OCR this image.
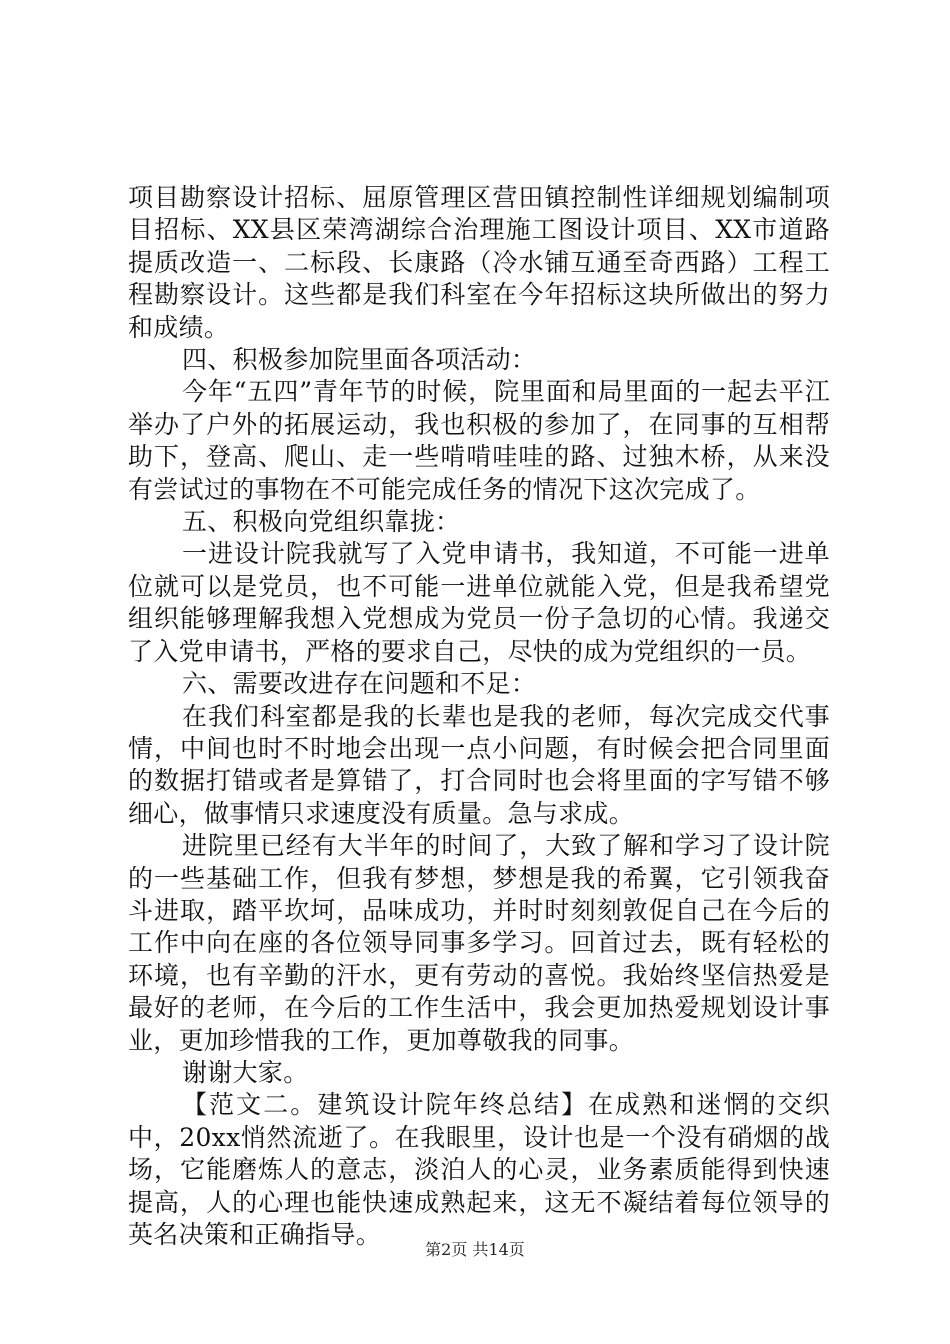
项目勘察设计招标、屈原管理区营田镇控制性详细规划编制项目招标、XX县区荣湾湖综合治理施工图设计项目、XX市道路提质改造一、二标段、长康路（冷水铺互通至奇西路）工程工程勘察设计。这些都是我们科室在今年招标这块所做出的努力和成绩。

四、积极参加院里面各项活动：

今年“五四”青年节的时候，院里面和局里面的一起去平江举办了户外的拓展运动，我也积极的参加了，在同事的互相帮助下，登高、爬山、走一些啃啃哇哇的路、过独木桥，从来没有尝试过的事物在不可能完成任务的情况下这次完成了。

五、积极向党组织靠拢：

一进设计院我就写了入党申请书，我知道，不可能一进单位就可以是党员，也不可能一进单位就能入党，但是我希望党组织能够理解我想入党想成为党员一份子急切的心情。我递交了入党申请书，严格的要求自己，尽快的成为党组织的一员。

六、需要改进存在问题和不足：

在我们科室都是我的长辈也是我的老师，每次完成交代事情，中间也时不时地会出现一点小问题，有时候会把合同里面的数据打错或者是算错了，打合同时也会将里面的字写错不够细心，做事情只求速度没有质量。急与求成。

进院里已经有大半年的时间了，大致了解和学习了设计院的一些基础工作，但我有梦想，梦想是我的希翼，它引领我奋斗进取，踏平坎坷，品味成功，并时时刻刻敦促自己在今后的工作中向在座的各位领导同事多学习。回首过去，既有轻松的环境，也有辛勤的汗水，更有劳动的喜悦。我始终坚信热爱是最好的老师，在今后的工作生活中，我会更加热爱规划设计事业，更加珍惜我的工作，更加尊敬我的同事。

谢谢大家。

【范文二。建筑设计院年终总结】在成熟和迷惘的交织中，20xx悄然流逝了。在我眼里，设计也是一个没有硝烟的战场，它能磨炼人的意志，淡泊人的心灵，业务素质能得到快速提高，人的心理也能快速成熟起来，这无不凝结着每位领导的英名决策和正确指导。

第2页 共14页
